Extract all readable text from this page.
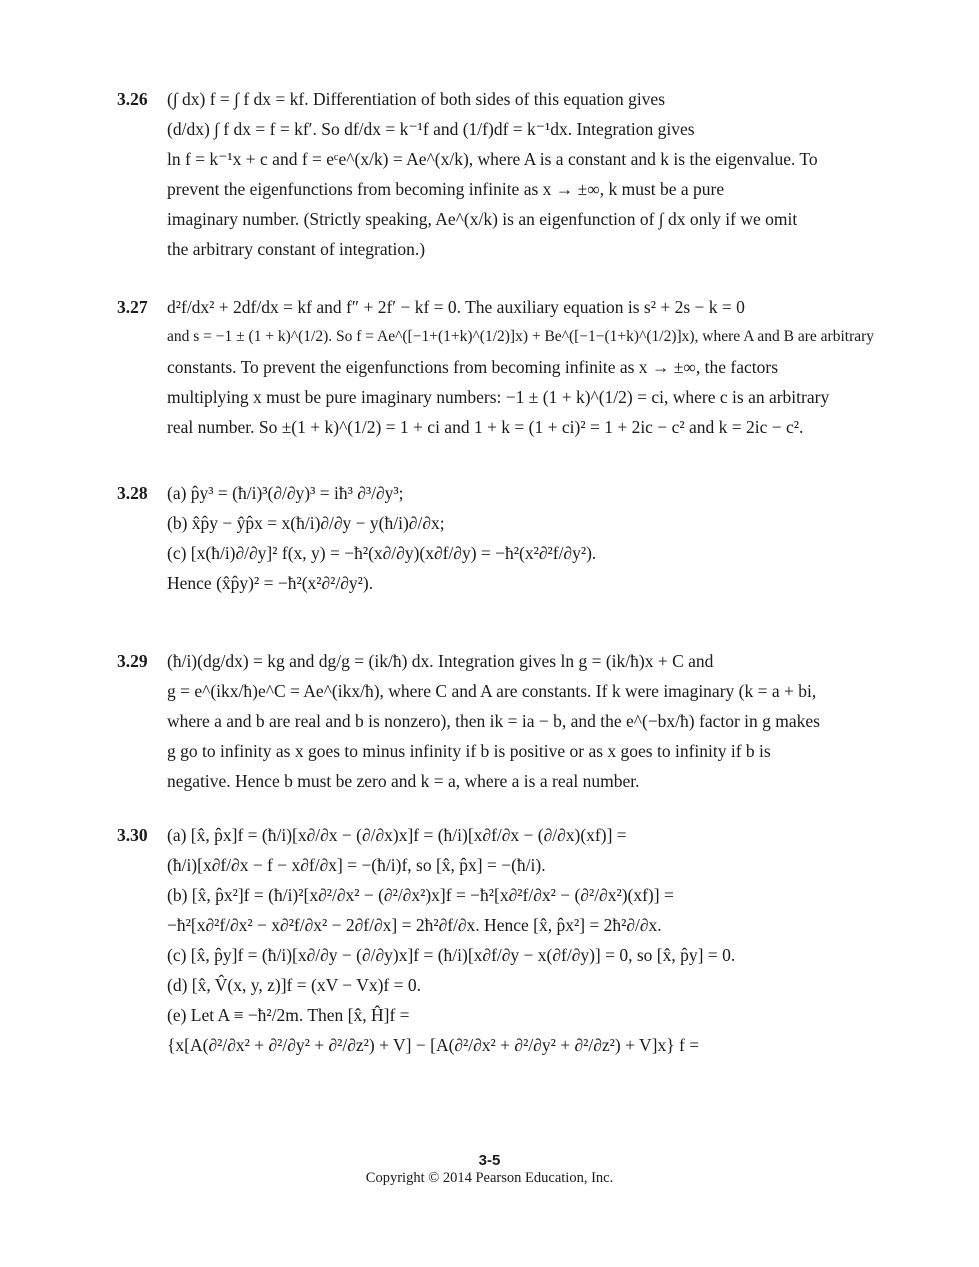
3.26 (∫ dx) f = ∫ f dx = kf. Differentiation of both sides of this equation gives
(d/dx) ∫ f dx = f = kf′. So df/dx = k⁻¹f and (1/f)df = k⁻¹dx. Integration gives
ln f = k⁻¹x + c and f = eᶜe^(x/k) = Ae^(x/k), where A is a constant and k is the eigenvalue. To
prevent the eigenfunctions from becoming infinite as x → ±∞, k must be a pure
imaginary number. (Strictly speaking, Ae^(x/k) is an eigenfunction of ∫ dx only if we omit
the arbitrary constant of integration.)
3.27 d²f/dx² + 2df/dx = kf and f″ + 2f′ − kf = 0. The auxiliary equation is s² + 2s − k = 0
and s = −1 ± (1 + k)^(1/2). So f = Ae^([−1+(1+k)^(1/2)]x) + Be^([−1−(1+k)^(1/2)]x), where A and B are arbitrary
constants. To prevent the eigenfunctions from becoming infinite as x → ±∞, the factors
multiplying x must be pure imaginary numbers: −1 ± (1 + k)^(1/2) = ci, where c is an arbitrary
real number. So ±(1 + k)^(1/2) = 1 + ci and 1 + k = (1 + ci)² = 1 + 2ic − c² and k = 2ic − c².
3.28 (a) p̂y³ = (ħ/i)³(∂/∂y)³ = iħ³ ∂³/∂y³;
(b) x̂p̂y − ŷp̂x = x(ħ/i)∂/∂y − y(ħ/i)∂/∂x;
(c) [x(ħ/i)∂/∂y]² f(x, y) = −ħ²(x∂/∂y)(x∂f/∂y) = −ħ²(x²∂²f/∂y²).
Hence (x̂p̂y)² = −ħ²(x²∂²/∂y²).
3.29 (ħ/i)(dg/dx) = kg and dg/g = (ik/ħ) dx. Integration gives ln g = (ik/ħ)x + C and
g = e^(ikx/ħ)e^C = Ae^(ikx/ħ), where C and A are constants. If k were imaginary (k = a + bi,
where a and b are real and b is nonzero), then ik = ia − b, and the e^(−bx/ħ) factor in g makes
g go to infinity as x goes to minus infinity if b is positive or as x goes to infinity if b is
negative. Hence b must be zero and k = a, where a is a real number.
3.30 (a) [x̂, p̂x]f = (ħ/i)[x∂/∂x − (∂/∂x)x]f = (ħ/i)[x∂f/∂x − (∂/∂x)(xf)] =
(ħ/i)[x∂f/∂x − f − x∂f/∂x] = −(ħ/i)f, so [x̂, p̂x] = −(ħ/i).
(b) [x̂, p̂x²]f = (ħ/i)²[x∂²/∂x² − (∂²/∂x²)x]f = −ħ²[x∂²f/∂x² − (∂²/∂x²)(xf)] =
−ħ²[x∂²f/∂x² − x∂²f/∂x² − 2∂f/∂x] = 2ħ²∂f/∂x. Hence [x̂, p̂x²] = 2ħ²∂/∂x.
(c) [x̂, p̂y]f = (ħ/i)[x∂/∂y − (∂/∂y)x]f = (ħ/i)[x∂f/∂y − x(∂f/∂y)] = 0, so [x̂, p̂y] = 0.
(d) [x̂, V̂(x, y, z)]f = (xV − Vx)f = 0.
(e) Let A ≡ −ħ²/2m. Then [x̂, Ĥ]f =
{x[A(∂²/∂x² + ∂²/∂y² + ∂²/∂z²) + V] − [A(∂²/∂x² + ∂²/∂y² + ∂²/∂z²) + V]x} f =
3-5
Copyright © 2014 Pearson Education, Inc.
